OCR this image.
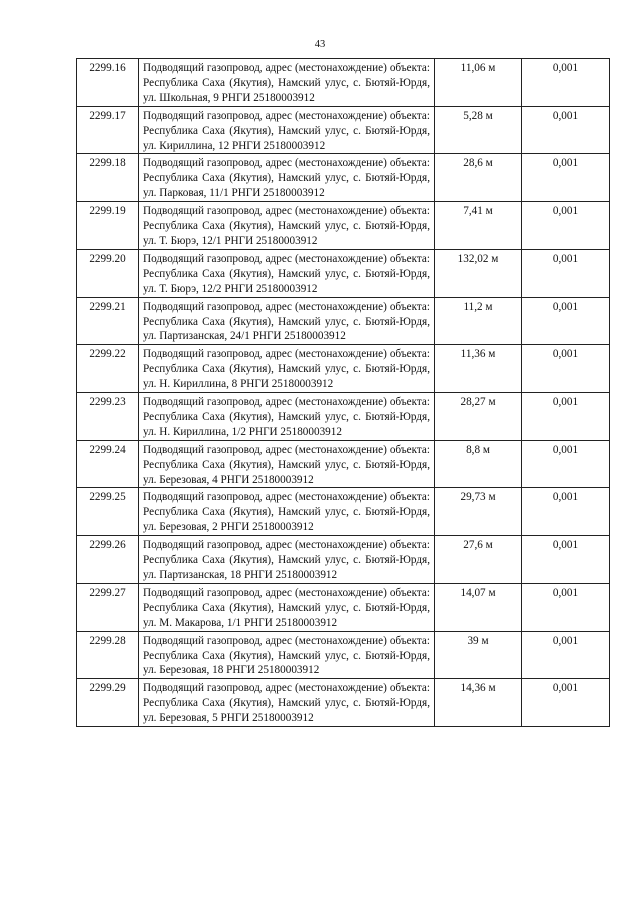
43
2299.16	Подводящий газопровод, адрес (местонахождение) объекта: Республика Саха (Якутия), Намский улус, с. Бютяй-Юрдя, ул. Школьная, 9 РНГИ 25180003912	11,06 м	0,001
2299.17	Подводящий газопровод, адрес (местонахождение) объекта: Республика Саха (Якутия), Намский улус, с. Бютяй-Юрдя, ул. Кириллина, 12 РНГИ 25180003912	5,28 м	0,001
2299.18	Подводящий газопровод, адрес (местонахождение) объекта: Республика Саха (Якутия), Намский улус, с. Бютяй-Юрдя, ул. Парковая, 11/1 РНГИ 25180003912	28,6 м	0,001
2299.19	Подводящий газопровод, адрес (местонахождение) объекта: Республика Саха (Якутия), Намский улус, с. Бютяй-Юрдя, ул. Т. Бюрэ, 12/1 РНГИ 25180003912	7,41 м	0,001
2299.20	Подводящий газопровод, адрес (местонахождение) объекта: Республика Саха (Якутия), Намский улус, с. Бютяй-Юрдя, ул. Т. Бюрэ, 12/2 РНГИ 25180003912	132,02 м	0,001
2299.21	Подводящий газопровод, адрес (местонахождение) объекта: Республика Саха (Якутия), Намский улус, с. Бютяй-Юрдя, ул. Партизанская, 24/1 РНГИ 25180003912	11,2 м	0,001
2299.22	Подводящий газопровод, адрес (местонахождение) объекта: Республика Саха (Якутия), Намский улус, с. Бютяй-Юрдя, ул. Н. Кириллина, 8 РНГИ 25180003912	11,36 м	0,001
2299.23	Подводящий газопровод, адрес (местонахождение) объекта: Республика Саха (Якутия), Намский улус, с. Бютяй-Юрдя, ул. Н. Кириллина, 1/2 РНГИ 25180003912	28,27 м	0,001
2299.24	Подводящий газопровод, адрес (местонахождение) объекта: Республика Саха (Якутия), Намский улус, с. Бютяй-Юрдя, ул. Березовая, 4 РНГИ 25180003912	8,8 м	0,001
2299.25	Подводящий газопровод, адрес (местонахождение) объекта: Республика Саха (Якутия), Намский улус, с. Бютяй-Юрдя, ул. Березовая, 2 РНГИ 25180003912	29,73 м	0,001
2299.26	Подводящий газопровод, адрес (местонахождение) объекта: Республика Саха (Якутия), Намский улус, с. Бютяй-Юрдя, ул. Партизанская, 18 РНГИ 25180003912	27,6 м	0,001
2299.27	Подводящий газопровод, адрес (местонахождение) объекта: Республика Саха (Якутия), Намский улус, с. Бютяй-Юрдя, ул. М. Макарова, 1/1 РНГИ 25180003912	14,07 м	0,001
2299.28	Подводящий газопровод, адрес (местонахождение) объекта: Республика Саха (Якутия), Намский улус, с. Бютяй-Юрдя, ул. Березовая, 18 РНГИ 25180003912	39 м	0,001
2299.29	Подводящий газопровод, адрес (местонахождение) объекта: Республика Саха (Якутия), Намский улус, с. Бютяй-Юрдя, ул. Березовая, 5 РНГИ 25180003912	14,36 м	0,001
